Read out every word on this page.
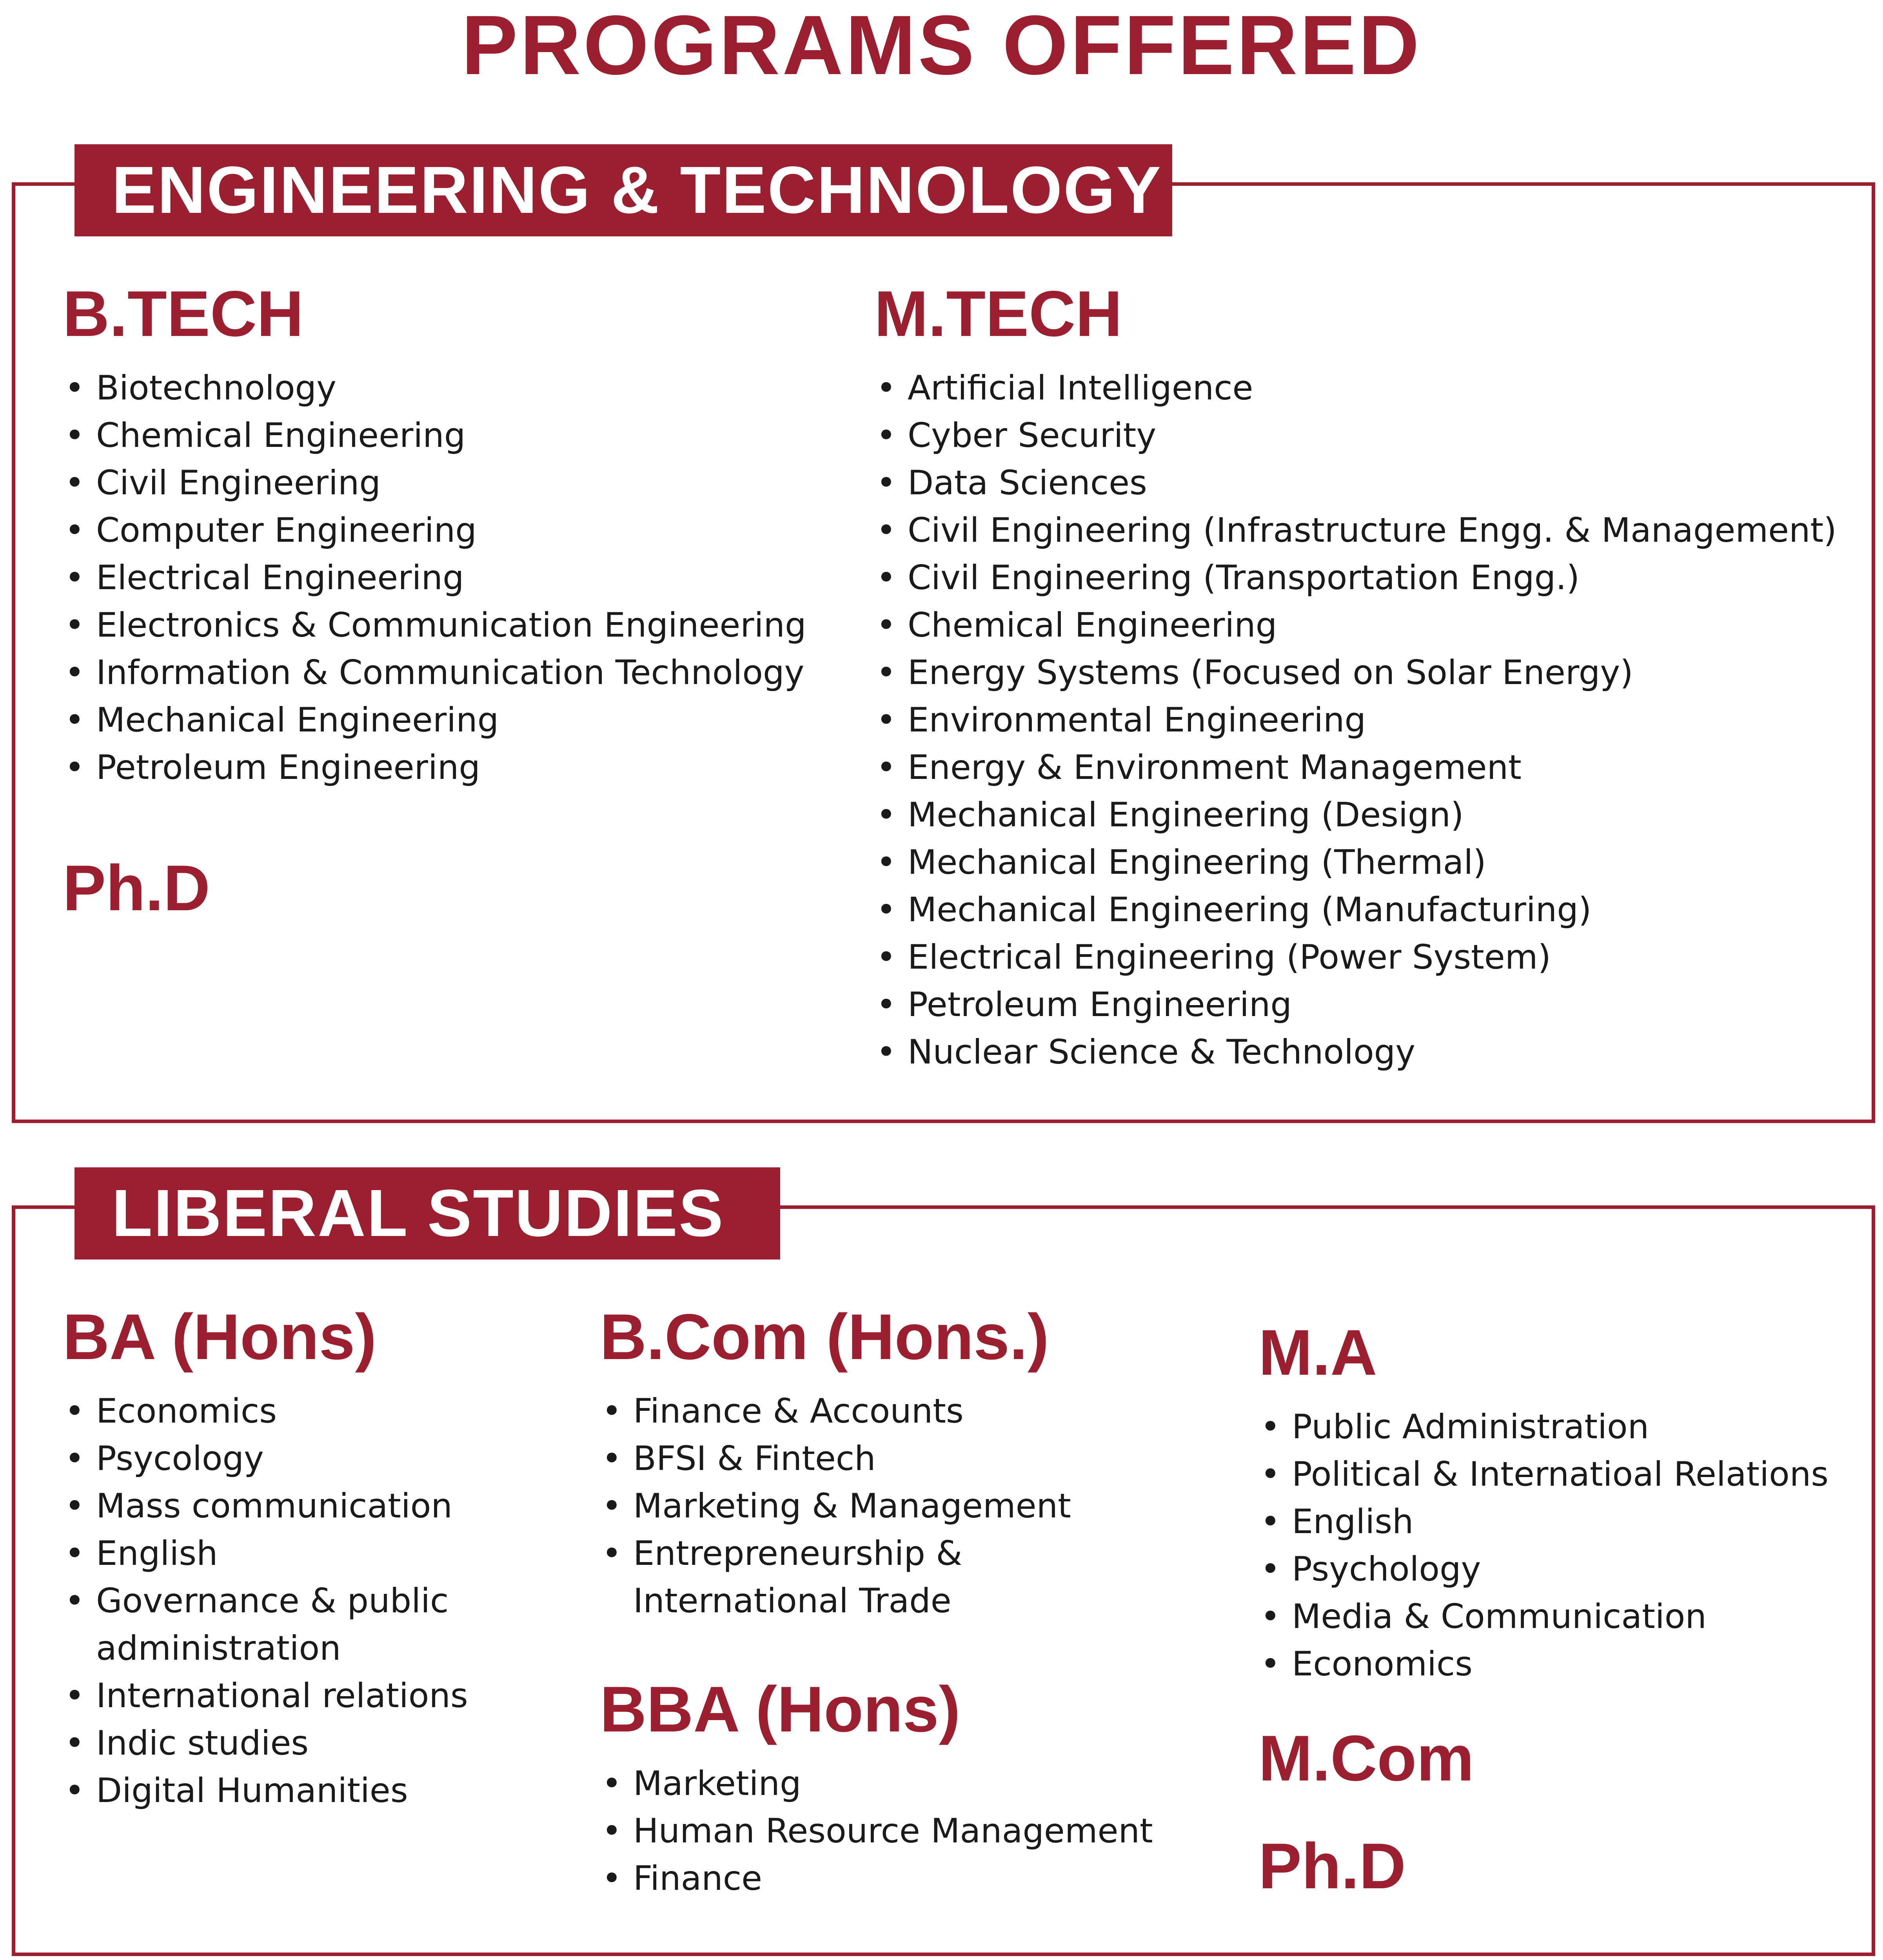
PROGRAMS OFFERED
ENGINEERING & TECHNOLOGY
B.TECH
• Biotechnology
• Chemical Engineering
• Civil Engineering
• Computer Engineering
• Electrical Engineering
• Electronics & Communication Engineering
• Information & Communication Technology
• Mechanical Engineering
• Petroleum Engineering
Ph.D
M.TECH
• Artificial Intelligence
• Cyber Security
• Data Sciences
• Civil Engineering (Infrastructure Engg. & Management)
• Civil Engineering (Transportation Engg.)
• Chemical Engineering
• Energy Systems (Focused on Solar Energy)
• Environmental Engineering
• Energy & Environment Management
• Mechanical Engineering (Design)
• Mechanical Engineering (Thermal)
• Mechanical Engineering (Manufacturing)
• Electrical Engineering (Power System)
• Petroleum Engineering
• Nuclear Science & Technology
LIBERAL STUDIES
BA (Hons)
• Economics
• Psycology
• Mass communication
• English
• Governance & public
administration
• International relations
• Indic studies
• Digital Humanities
B.Com (Hons.)
• Finance & Accounts
• BFSI & Fintech
• Marketing & Management
• Entrepreneurship &
International Trade
BBA (Hons)
• Marketing
• Human Resource Management
• Finance
M.A
• Public Administration
• Political & Internatioal Relations
• English
• Psychology
• Media & Communication
• Economics
M.Com
Ph.D
